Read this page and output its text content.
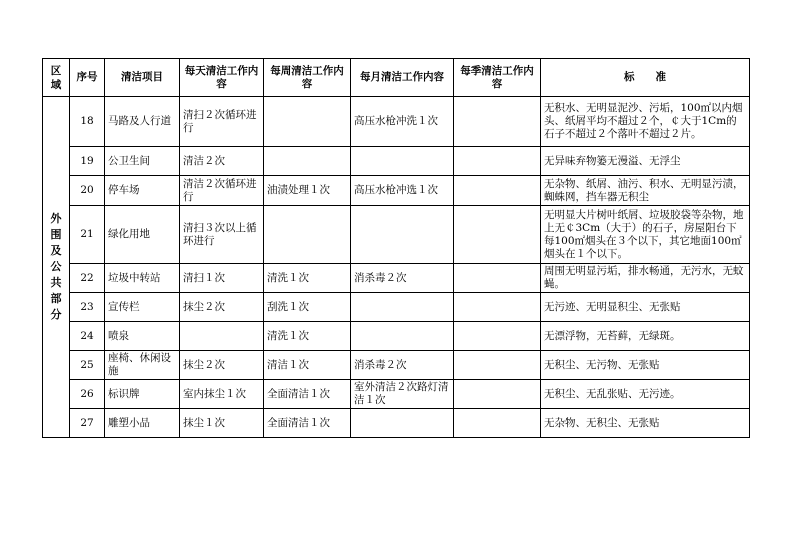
区域	序号	清洁项目	每天清洁工作内容	每周清洁工作内容	每月清洁工作内容	每季清洁工作内容	标　　准
外围及公共部分	18	马路及人行道	清扫２次循环进行		高压水枪冲洗１次		无积水、无明显泥沙、污垢，100㎡以内烟头、纸屑平均不超过２个，￠大于1Cm的石子不超过２个落叶不超过２片。
	19	公卫生间	清洁２次				无异味弃物篓无漫溢、无浮尘
	20	停车场	清洁２次循环进行	油渍处理１次	高压水枪冲选１次		无杂物、纸屑、油污、积水、无明显污渍，蜘蛛网，挡车器无积尘
	21	绿化用地	清扫３次以上循环进行				无明显大片树叶纸屑、垃圾胶袋等杂物，地上无￠3Cm（大于）的石子，房屋阳台下每100㎡烟头在３个以下，其它地面100㎡烟头在１个以下。
	22	垃圾中转站	清扫１次	清洗１次	消杀毒２次		周围无明显污垢，排水畅通，无污水，无蚊蝇。
	23	宣传栏	抹尘２次	刮洗１次			无污迹、无明显积尘、无张贴
	24	喷泉		清洗１次			无漂浮物，无苔藓，无绿斑。
	25	座椅、休闲设施	抹尘２次	清洁１次	消杀毒２次		无积尘、无污物、无张贴
	26	标识牌	室内抹尘１次	全面清洁１次	室外清洁２次路灯清洁１次		无积尘、无乱张贴、无污迹。
	27	雕塑小品	抹尘１次	全面清洁１次			无杂物、无积尘、无张贴
